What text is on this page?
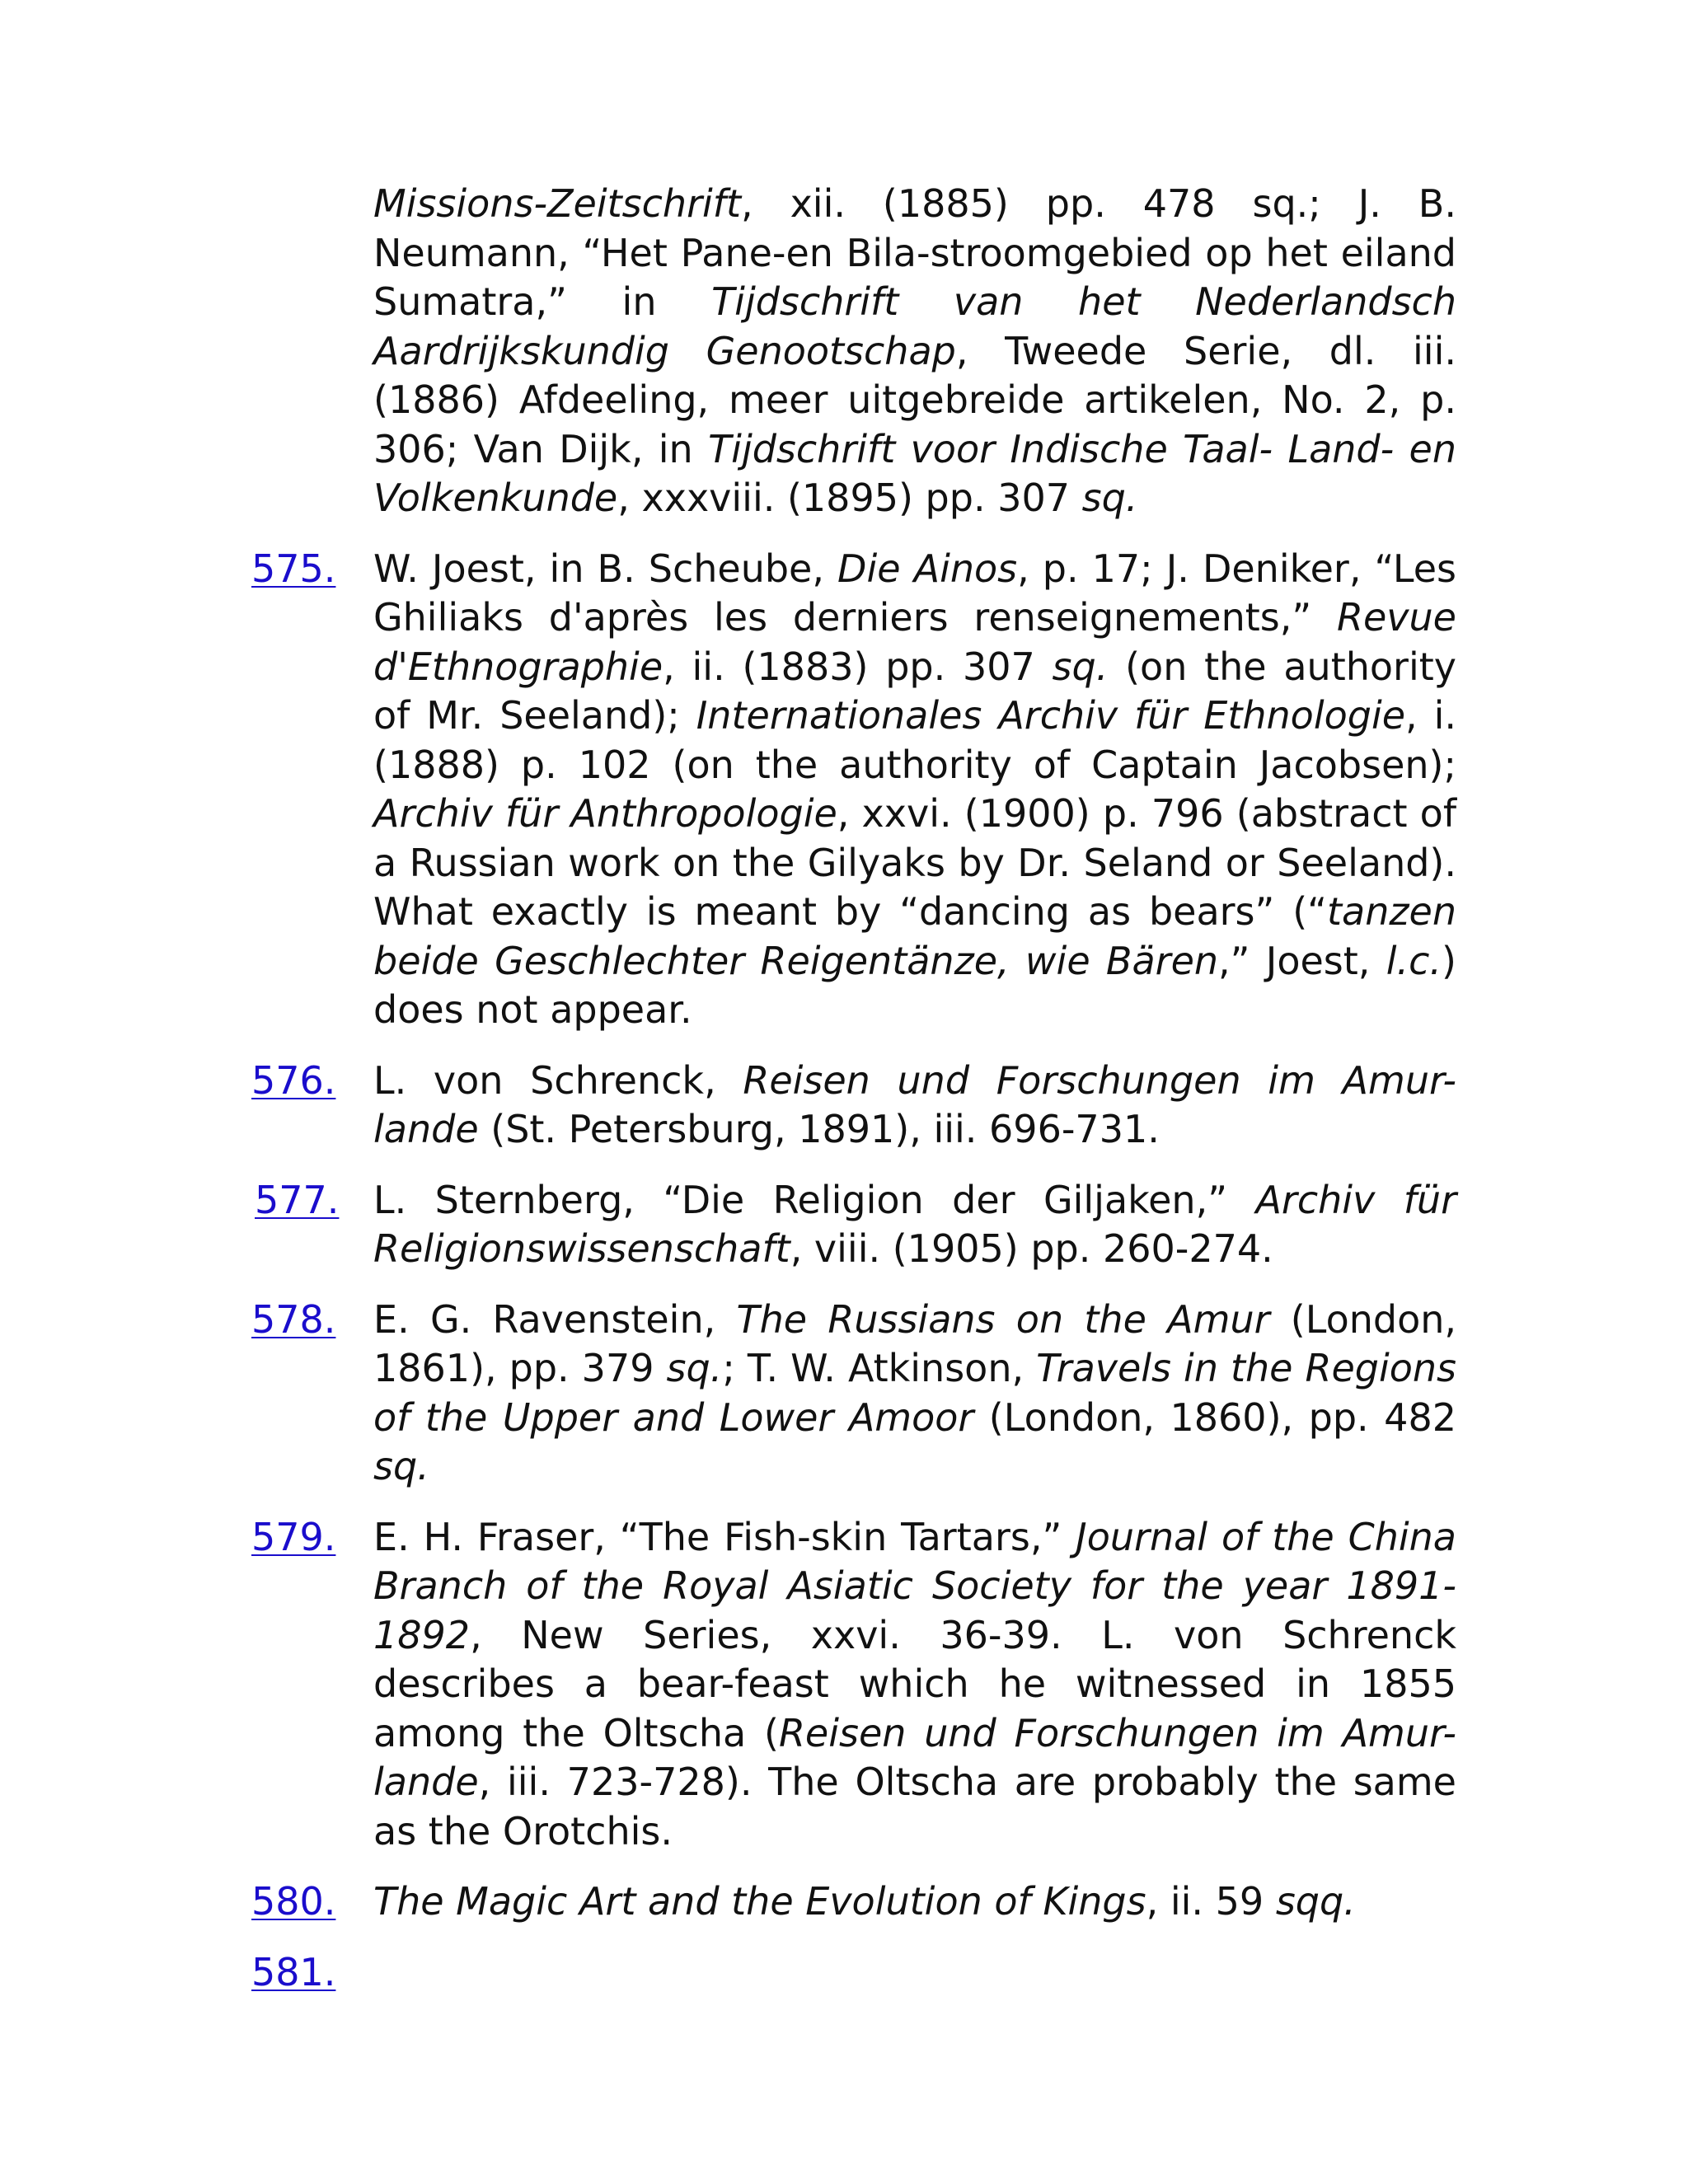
Missions-Zeitschrift, xii. (1885) pp. 478 sq.; J. B. Neumann, “Het Pane-en Bila-stroomgebied op het eiland Sumatra,” in Tijdschrift van het Nederlandsch Aardrijkskundig Genootschap, Tweede Serie, dl. iii. (1886) Afdeeling, meer uitgebreide artikelen, No. 2, p. 306; Van Dijk, in Tijdschrift voor Indische Taal- Land- en Volkenkunde, xxxviii. (1895) pp. 307 sq.
575. W. Joest, in B. Scheube, Die Ainos, p. 17; J. Deniker, “Les Ghiliaks d'après les derniers renseignements,” Revue d'Ethnographie, ii. (1883) pp. 307 sq. (on the authority of Mr. Seeland); Internationales Archiv für Ethnologie, i. (1888) p. 102 (on the authority of Captain Jacobsen); Archiv für Anthropologie, xxvi. (1900) p. 796 (abstract of a Russian work on the Gilyaks by Dr. Seland or Seeland). What exactly is meant by “dancing as bears” (“tanzen beide Geschlechter Reigentänze, wie Bären,” Joest, l.c.) does not appear.
576. L. von Schrenck, Reisen und Forschungen im Amur-lande (St. Petersburg, 1891), iii. 696-731.
577. L. Sternberg, “Die Religion der Giljaken,” Archiv für Religionswissenschaft, viii. (1905) pp. 260-274.
578. E. G. Ravenstein, The Russians on the Amur (London, 1861), pp. 379 sq.; T. W. Atkinson, Travels in the Regions of the Upper and Lower Amoor (London, 1860), pp. 482 sq.
579. E. H. Fraser, “The Fish-skin Tartars,” Journal of the China Branch of the Royal Asiatic Society for the year 1891-1892, New Series, xxvi. 36-39. L. von Schrenck describes a bear-feast which he witnessed in 1855 among the Oltscha (Reisen und Forschungen im Amur-lande, iii. 723-728). The Oltscha are probably the same as the Orotchis.
580. The Magic Art and the Evolution of Kings, ii. 59 sqq.
581.
